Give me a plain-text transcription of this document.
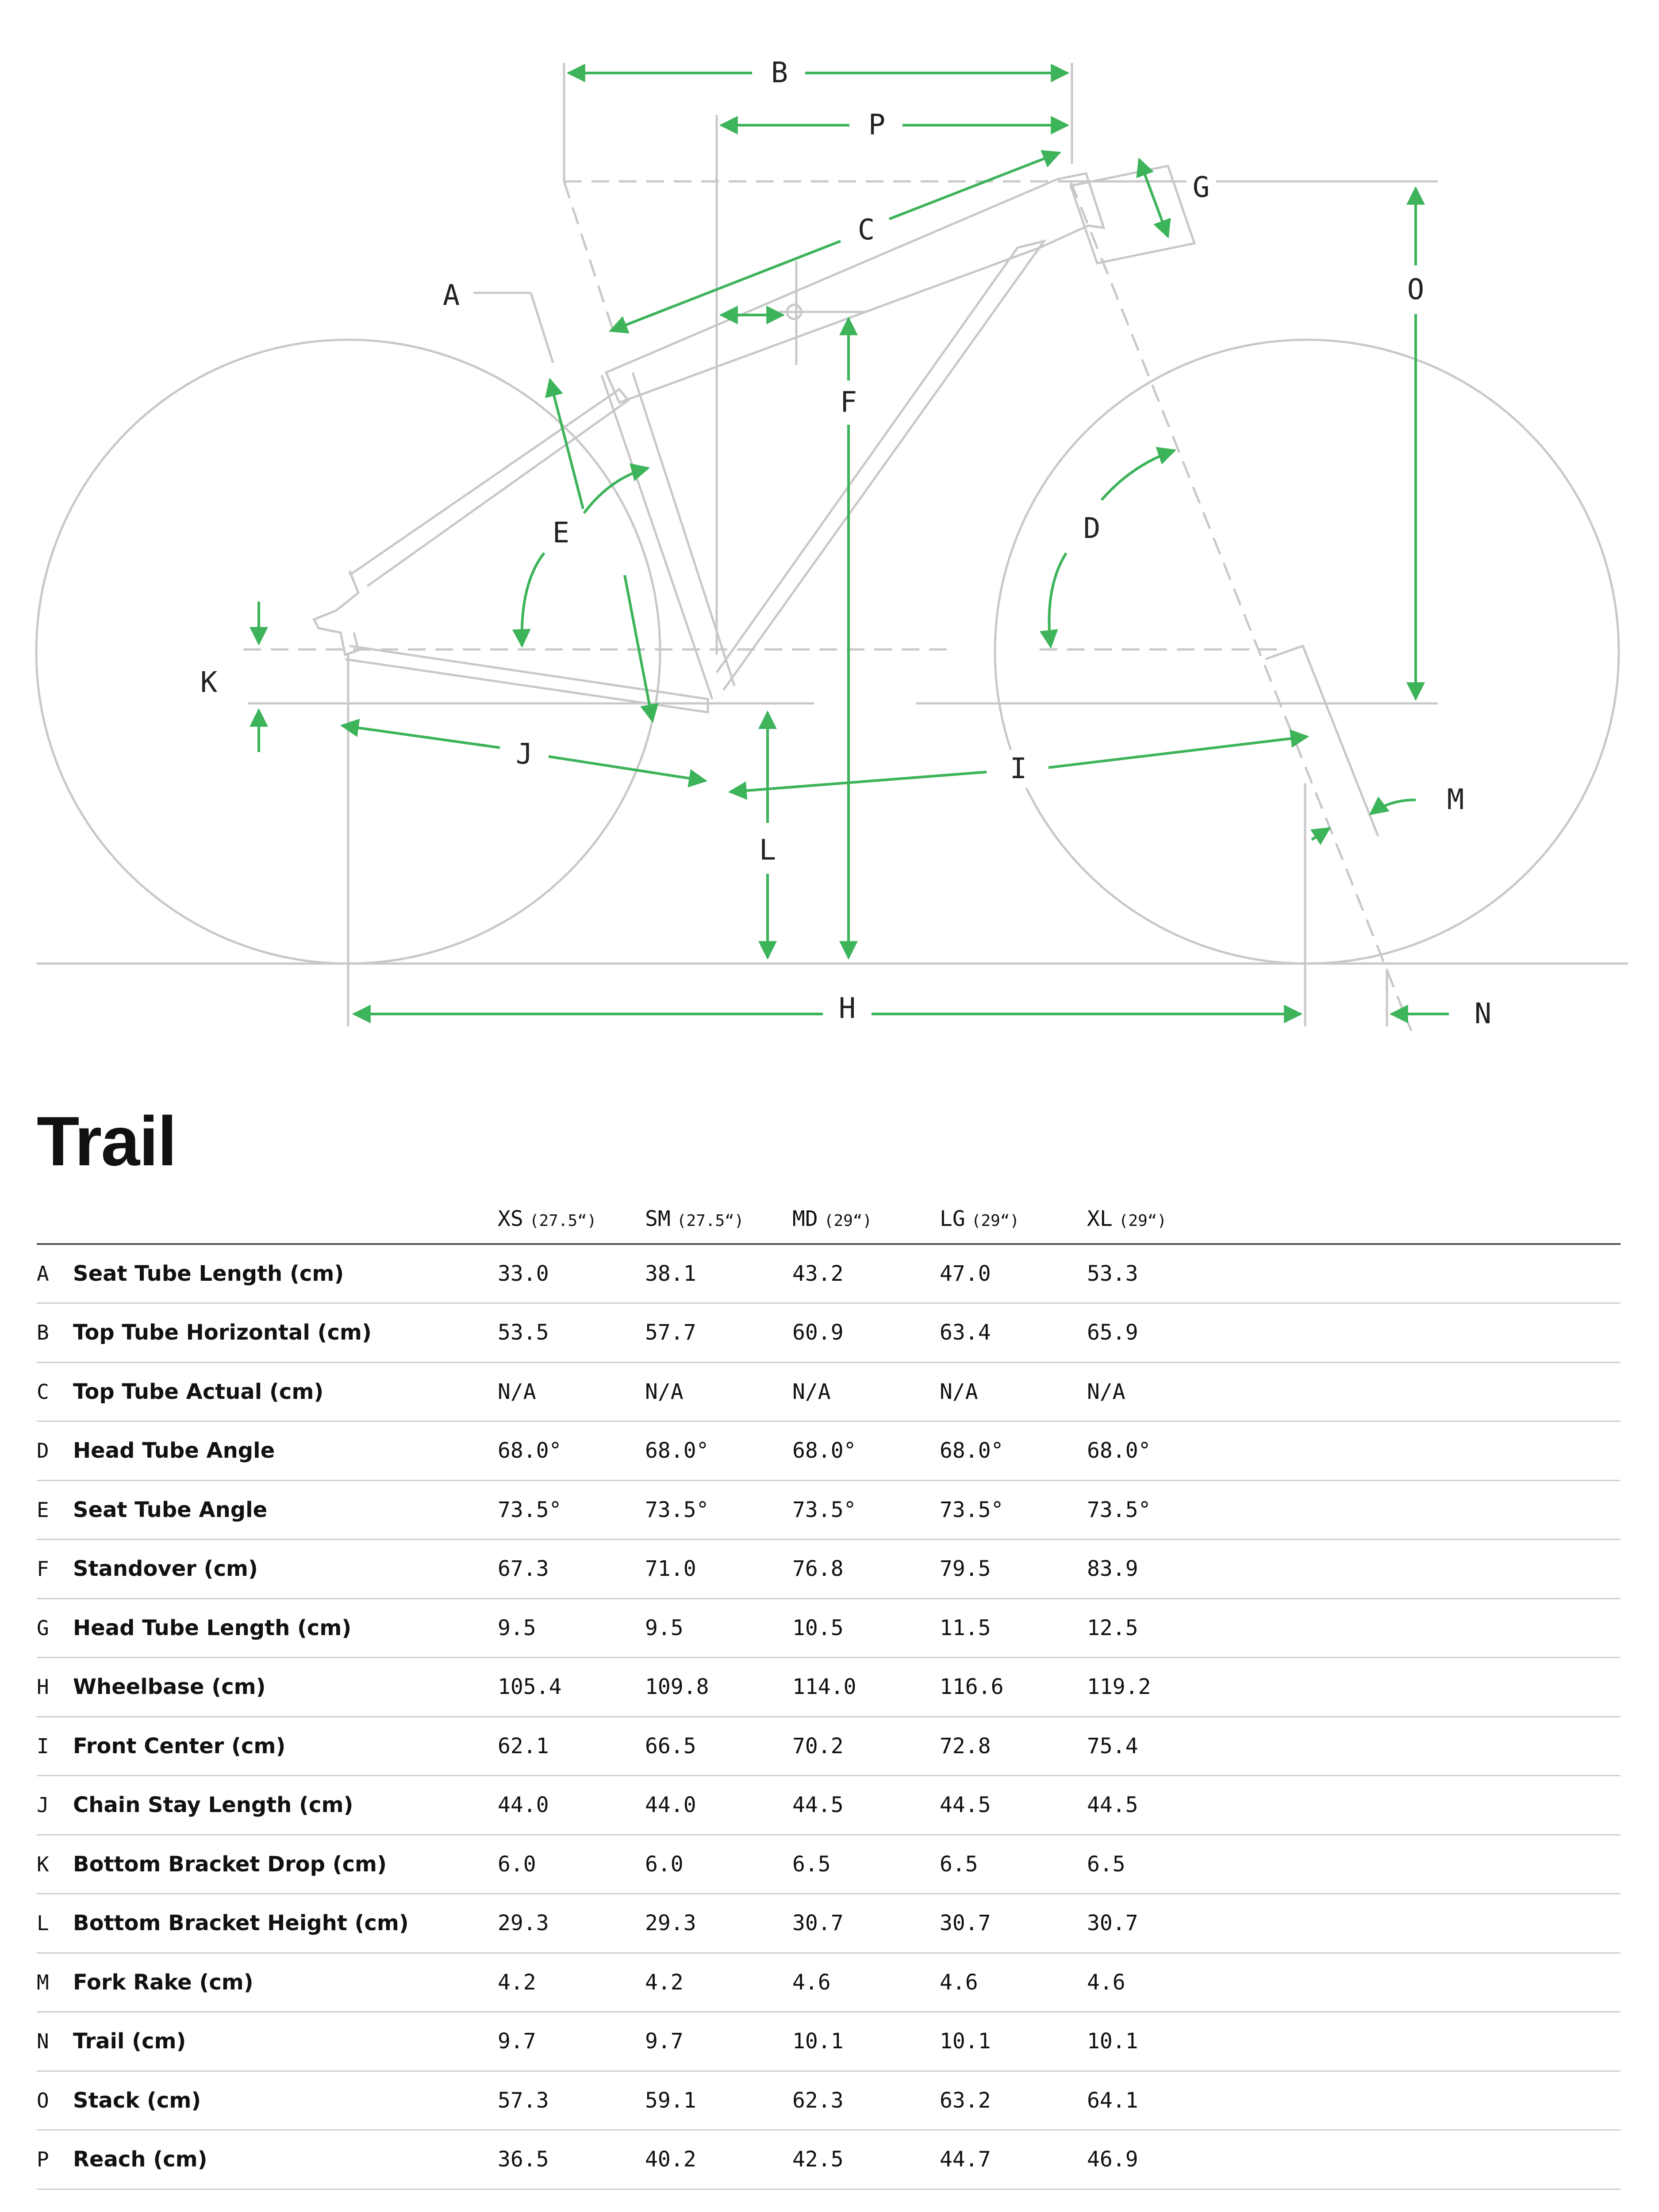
B
P
C
G
O
A
F
E	D
K
J	I
L
M
H	N
Trail
		XS (27.5“)	SM (27.5“)	MD (29“)	LG (29“)	XL (29“)	
A	Seat Tube Length (cm)	33.0	38.1	43.2	47.0	53.3	
B	Top Tube Horizontal (cm)	53.5	57.7	60.9	63.4	65.9	
C	Top Tube Actual (cm)	N/A	N/A	N/A	N/A	N/A	
D	Head Tube Angle	68.0°	68.0°	68.0°	68.0°	68.0°	
E	Seat Tube Angle	73.5°	73.5°	73.5°	73.5°	73.5°	
F	Standover (cm)	67.3	71.0	76.8	79.5	83.9	
G	Head Tube Length (cm)	9.5	9.5	10.5	11.5	12.5	
H	Wheelbase (cm)	105.4	109.8	114.0	116.6	119.2	
I	Front Center (cm)	62.1	66.5	70.2	72.8	75.4	
J	Chain Stay Length (cm)	44.0	44.0	44.5	44.5	44.5	
K	Bottom Bracket Drop (cm)	6.0	6.0	6.5	6.5	6.5	
L	Bottom Bracket Height (cm)	29.3	29.3	30.7	30.7	30.7	
M	Fork Rake (cm)	4.2	4.2	4.6	4.6	4.6	
N	Trail (cm)	9.7	9.7	10.1	10.1	10.1	
O	Stack (cm)	57.3	59.1	62.3	63.2	64.1	
P	Reach (cm)	36.5	40.2	42.5	44.7	46.9	
